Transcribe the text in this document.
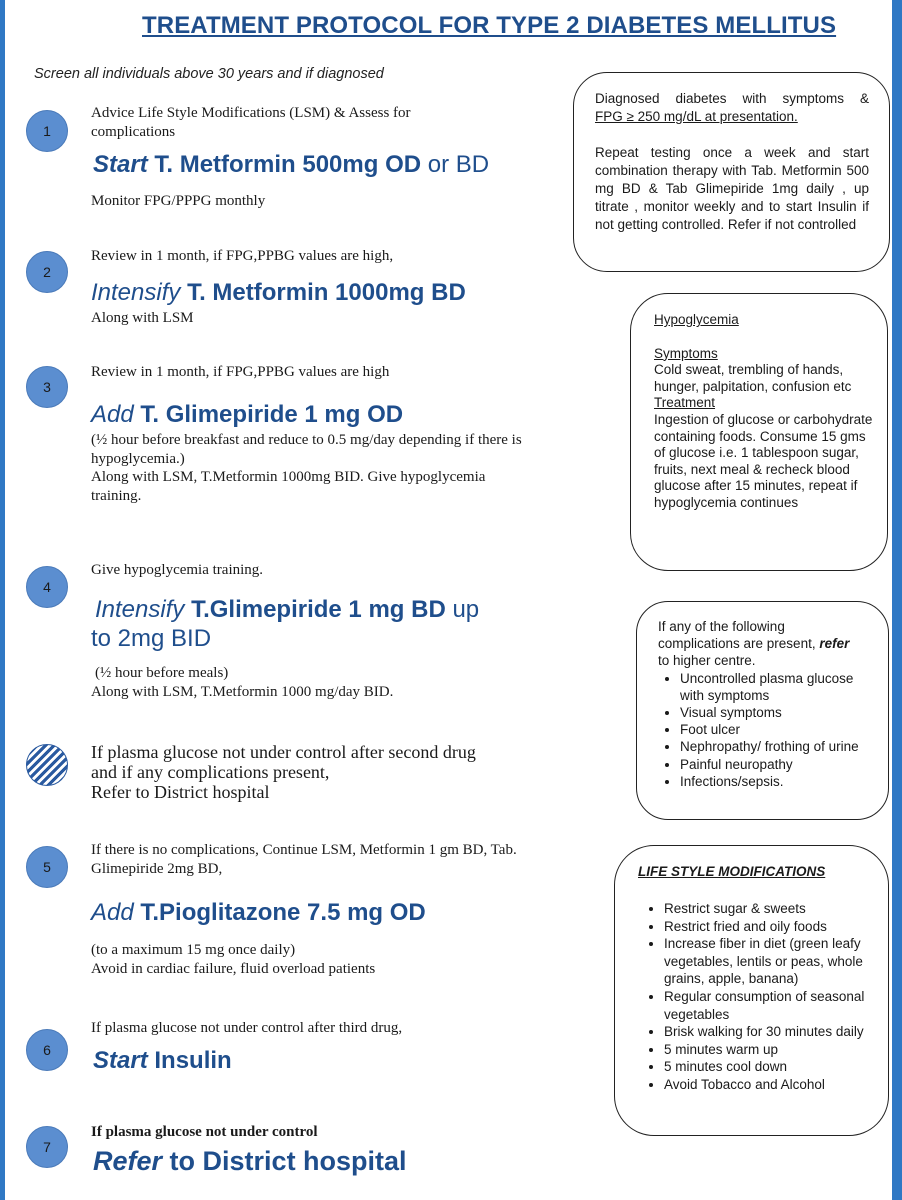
TREATMENT PROTOCOL FOR TYPE 2 DIABETES MELLITUS
Screen all individuals above 30 years and if diagnosed
1
Advice Life Style Modifications (LSM) & Assess for complications
Start T. Metformin 500mg OD or BD
Monitor FPG/PPPG monthly
2
Review in 1 month, if FPG,PPBG values are high,
Intensify T. Metformin 1000mg BD
Along with LSM
3
Review in 1 month, if FPG,PPBG values are high
Add T. Glimepiride 1 mg OD
(½ hour before breakfast and reduce to 0.5 mg/day depending if there is hypoglycemia.)
Along with LSM, T.Metformin 1000mg BID. Give hypoglycemia training.
4
Give hypoglycemia training.
Intensify T.Glimepiride 1 mg BD up
to 2mg BID
(½ hour before meals)
Along with LSM, T.Metformin 1000 mg/day BID.
If plasma glucose not under control after second drug
and if any complications present,
Refer to District hospital
5
If there is no complications, Continue LSM, Metformin 1 gm BD, Tab. Glimepiride 2mg BD,
Add T.Pioglitazone 7.5 mg OD
(to a maximum 15 mg once daily)
Avoid in cardiac failure, fluid overload patients
6
If plasma glucose not under control after third drug,
Start Insulin
7
If plasma glucose not under control
Refer to District hospital
Diagnosed diabetes with symptoms &
FPG ≥ 250 mg/dL at presentation.
Repeat testing once a week and start combination therapy with Tab. Metformin 500 mg BD & Tab Glimepiride 1mg daily , up titrate , monitor weekly and to start Insulin if not getting controlled. Refer if not controlled
Hypoglycemia
Symptoms
Cold sweat, trembling of hands, hunger, palpitation, confusion etc
Treatment
Ingestion of glucose or carbohydrate containing foods. Consume 15 gms of glucose i.e. 1 tablespoon sugar, fruits, next meal & recheck blood glucose after 15 minutes, repeat if hypoglycemia continues
If any of the following
complications are present, refer
to higher centre.
• Uncontrolled plasma glucose with symptoms
• Visual symptoms
• Foot ulcer
• Nephropathy/ frothing of urine
• Painful neuropathy
• Infections/sepsis.
LIFE STYLE MODIFICATIONS
• Restrict sugar & sweets
• Restrict fried and oily foods
• Increase fiber in diet (green leafy vegetables, lentils or peas, whole grains, apple, banana)
• Regular consumption of seasonal vegetables
• Brisk walking for 30 minutes daily
• 5 minutes warm up
• 5 minutes cool down
• Avoid Tobacco and Alcohol
